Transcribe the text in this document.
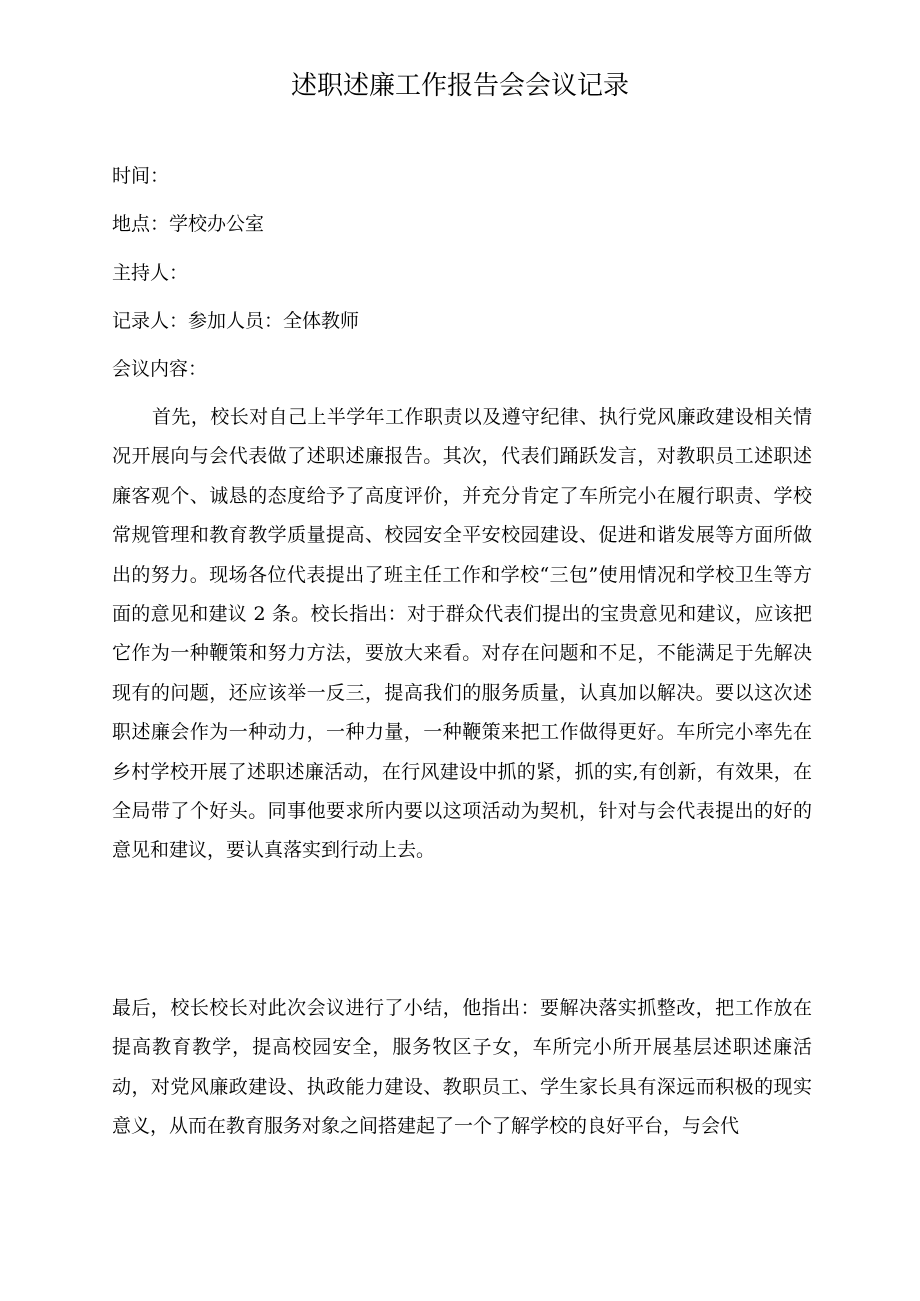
述职述廉工作报告会会议记录
时间：
地点：学校办公室
主持人：
记录人：参加人员：全体教师
会议内容：

首先，校长对自己上半学年工作职责以及遵守纪律、执行党风廉政建设相关情况开展向与会代表做了述职述廉报告。其次，代表们踊跃发言，对教职员工述职述廉客观个、诚恳的态度给予了高度评价，并充分肯定了车所完小在履行职责、学校常规管理和教育教学质量提高、校园安全平安校园建设、促进和谐发展等方面所做出的努力。现场各位代表提出了班主任工作和学校“三包”使用情况和学校卫生等方面的意见和建议 2 条。校长指出：对于群众代表们提出的宝贵意见和建议，应该把它作为一种鞭策和努力方法，要放大来看。对存在问题和不足，不能满足于先解决现有的问题，还应该举一反三，提高我们的服务质量，认真加以解决。要以这次述职述廉会作为一种动力，一种力量，一种鞭策来把工作做得更好。车所完小率先在乡村学校开展了述职述廉活动，在行风建设中抓的紧，抓的实,有创新，有效果，在全局带了个好头。同事他要求所内要以这项活动为契机，针对与会代表提出的好的意见和建议，要认真落实到行动上去。

最后，校长校长对此次会议进行了小结，他指出：要解决落实抓整改，把工作放在提高教育教学，提高校园安全，服务牧区子女，车所完小所开展基层述职述廉活动，对党风廉政建设、执政能力建设、教职员工、学生家长具有深远而积极的现实意义，从而在教育服务对象之间搭建起了一个了解学校的良好平台，与会代
